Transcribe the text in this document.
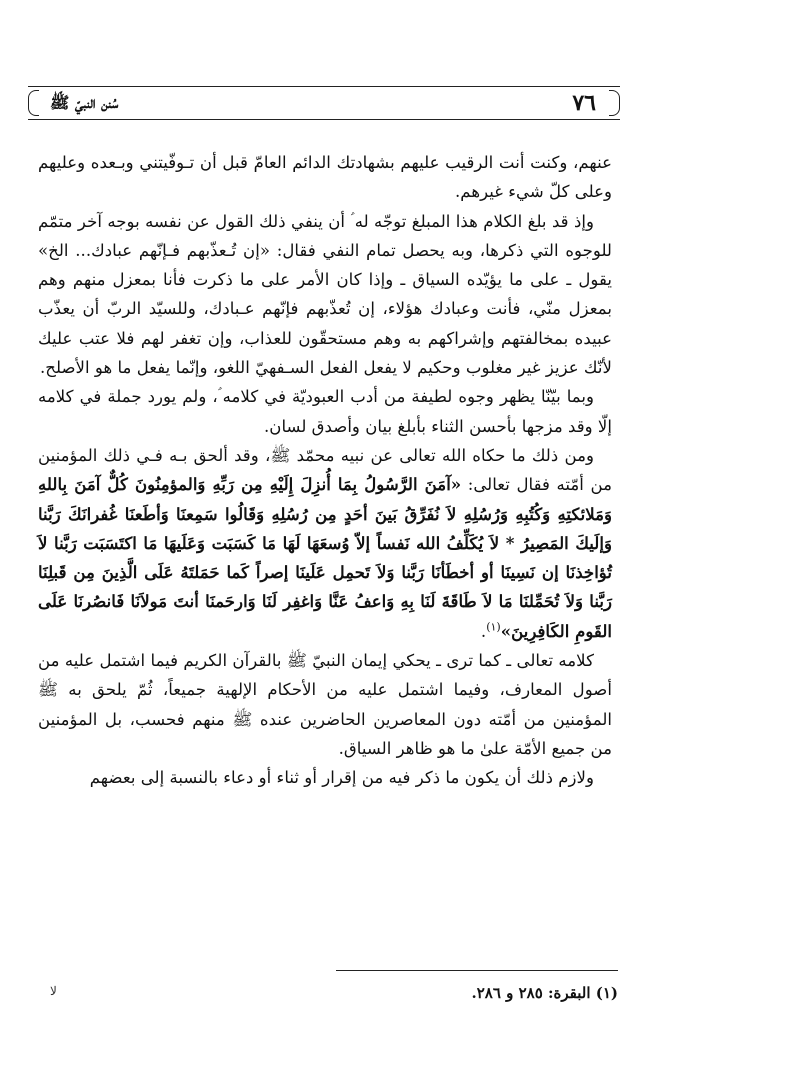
٧٦
سُنن النبيّ ﷺ

عنهم، وكنت أنت الرقيب عليهم بشهادتك الدائم العامّ قبل أن تـوفّيتني وبـعده وعليهم وعلى كلّ شيء غيرهم.

وإذ قد بلغ الكلام هذا المبلغ توجّه له ؑ أن ينفي ذلك القول عن نفسه بوجه آخر متمّم للوجوه التي ذكرها، وبه يحصل تمام النفي فقال: «إن تُـعذّبهم فـإنّهم عبادك... الخ» يقول ـ على ما يؤيّده السياق ـ وإذا كان الأمر على ما ذكرت فأنا بمعزل منهم وهم بمعزل منّي، فأنت وعبادك هؤلاء، إن تُعذّبهم فإنّهم عـبادك، وللسيّد الربّ أن يعذّب عبيده بمخالفتهم وإشراكهم به وهم مستحقّون للعذاب، وإن تغفر لهم فلا عتب عليك لأنّك عزيز غير مغلوب وحكيم لا يفعل الفعل السـفهيّ اللغو، وإنّما يفعل ما هو الأصلح.

وبما بيّنّا يظهر وجوه لطيفة من أدب العبوديّة في كلامه ؑ، ولم يورد جملة في كلامه إلّا وقد مزجها بأحسن الثناء بأبلغ بيان وأصدق لسان.

ومن ذلك ما حكاه الله تعالى عن نبيه محمّد ﷺ، وقد ألحق بـه فـي ذلك المؤمنين من أمّته فقال تعالى: «آمَنَ الرَّسُولُ بِمَا أُنزِلَ إِلَيْهِ مِن رَبِّهِ وَالمؤمِنُونَ كُلٌّ آمَنَ بِاللهِ وَمَلائكتِهِ وَكُتُبِهِ وَرُسُلِهِ لاَ نُفَرِّقُ بَينَ أحَدٍ مِن رُسُلِهِ وَقَالُوا سَمِعنَا وَأطَعنَا غُفرانَكَ رَبَّنا وَإلَيكَ المَصِيرُ * لاَ يُكَلِّفُ الله نَفساً إلاّ وُسعَهَا لَهَا مَا كَسَبَت وَعَلَيهَا مَا اكتَسَبَت رَبَّنا لاَ تُؤاخِذنَا إن نَسِينَا أو أخطَأنَا رَبَّنا وَلاَ تَحمِل عَلَينَا إصراً كَما حَمَلتَهُ عَلَى الَّذِينَ مِن قَبلِنَا رَبَّنا وَلاَ تُحَمِّلنَا مَا لاَ طَاقَةَ لَنَا بِهِ وَاعفُ عَنَّا وَاغفِر لَنَا وَارحَمنَا أنتَ مَولاَنَا فَانصُرنَا عَلَى القَومِ الكَافِرِينَ»$^{(١)}$.

كلامه تعالى ـ كما ترى ـ يحكي إيمان النبيّ ﷺ بالقرآن الكريم فيما اشتمل عليه من أصول المعارف، وفيما اشتمل عليه من الأحكام الإلهية جميعاً، ثُمّ يلحق به ﷺ المؤمنين من أمّته دون المعاصرين الحاضرين عنده ﷺ منهم فحسب، بل المؤمنين من جميع الأمّة علىٰ ما هو ظاهر السياق.

ولازم ذلك أن يكون ما ذكر فيه من إقرار أو ثناء أو دعاء بالنسبة إلى بعضهم

(١) البقرة: ٢٨٥ و ٢٨٦.
ﻻ
